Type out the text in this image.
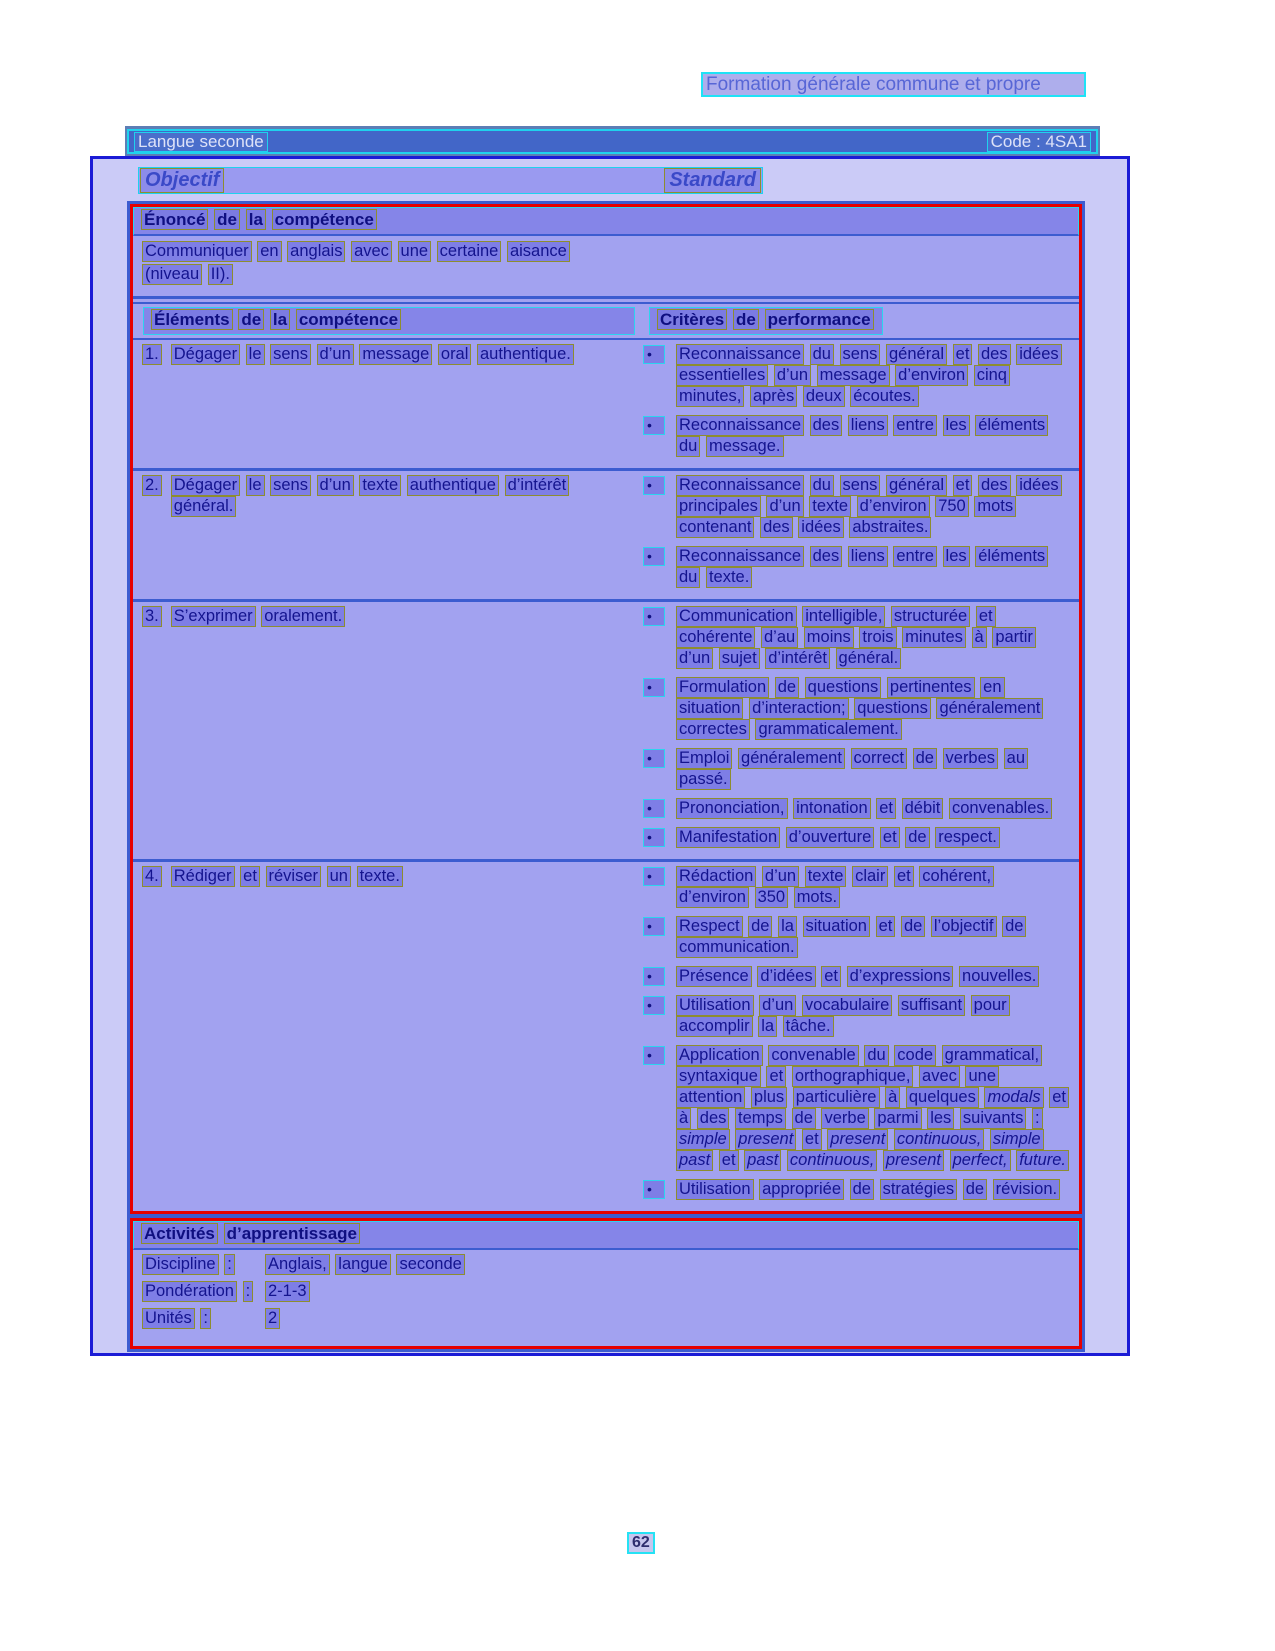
Formation générale commune et propre
Langue seconde	Code : 4SA1
Objectif	Standard
Énoncé de la compétence
Communiquer en anglais avec une certaine aisance
(niveau II).
Éléments de la compétence	Critères de performance
1. Dégager le sens d’un message oral authentique.	•	Reconnaissance du sens général et des idées essentielles d’un message d’environ cinq minutes, après deux écoutes.
•	Reconnaissance des liens entre les éléments du message.
2. Dégager le sens d’un texte authentique d’intérêt général.
•	Reconnaissance du sens général et des idées principales d’un texte d’environ 750 mots contenant des idées abstraites.
•	Reconnaissance des liens entre les éléments du texte.
3. S’exprimer oralement.	•	Communication intelligible, structurée et cohérente d’au moins trois minutes à partir d’un sujet d’intérêt général.
•	Formulation de questions pertinentes en situation d’interaction; questions généralement correctes grammaticalement.
•	Emploi généralement correct de verbes au passé.
•	Prononciation, intonation et débit convenables.
•	Manifestation d’ouverture et de respect.
4. Rédiger et réviser un texte.	•	Rédaction d’un texte clair et cohérent, d’environ 350 mots.
•	Respect de la situation et de l’objectif de communication.
•	Présence d’idées et d’expressions nouvelles.
•	Utilisation d’un vocabulaire suffisant pour accomplir la tâche.
•	Application convenable du code grammatical, syntaxique et orthographique, avec une attention plus particulière à quelques modals et à des temps de verbe parmi les suivants : simple present et present continuous, simple past et past continuous, present perfect, future.
•	Utilisation appropriée de stratégies de révision.
Activités d’apprentissage
Discipline :	Anglais, langue seconde
Pondération :	2-1-3
Unités :	2
62
